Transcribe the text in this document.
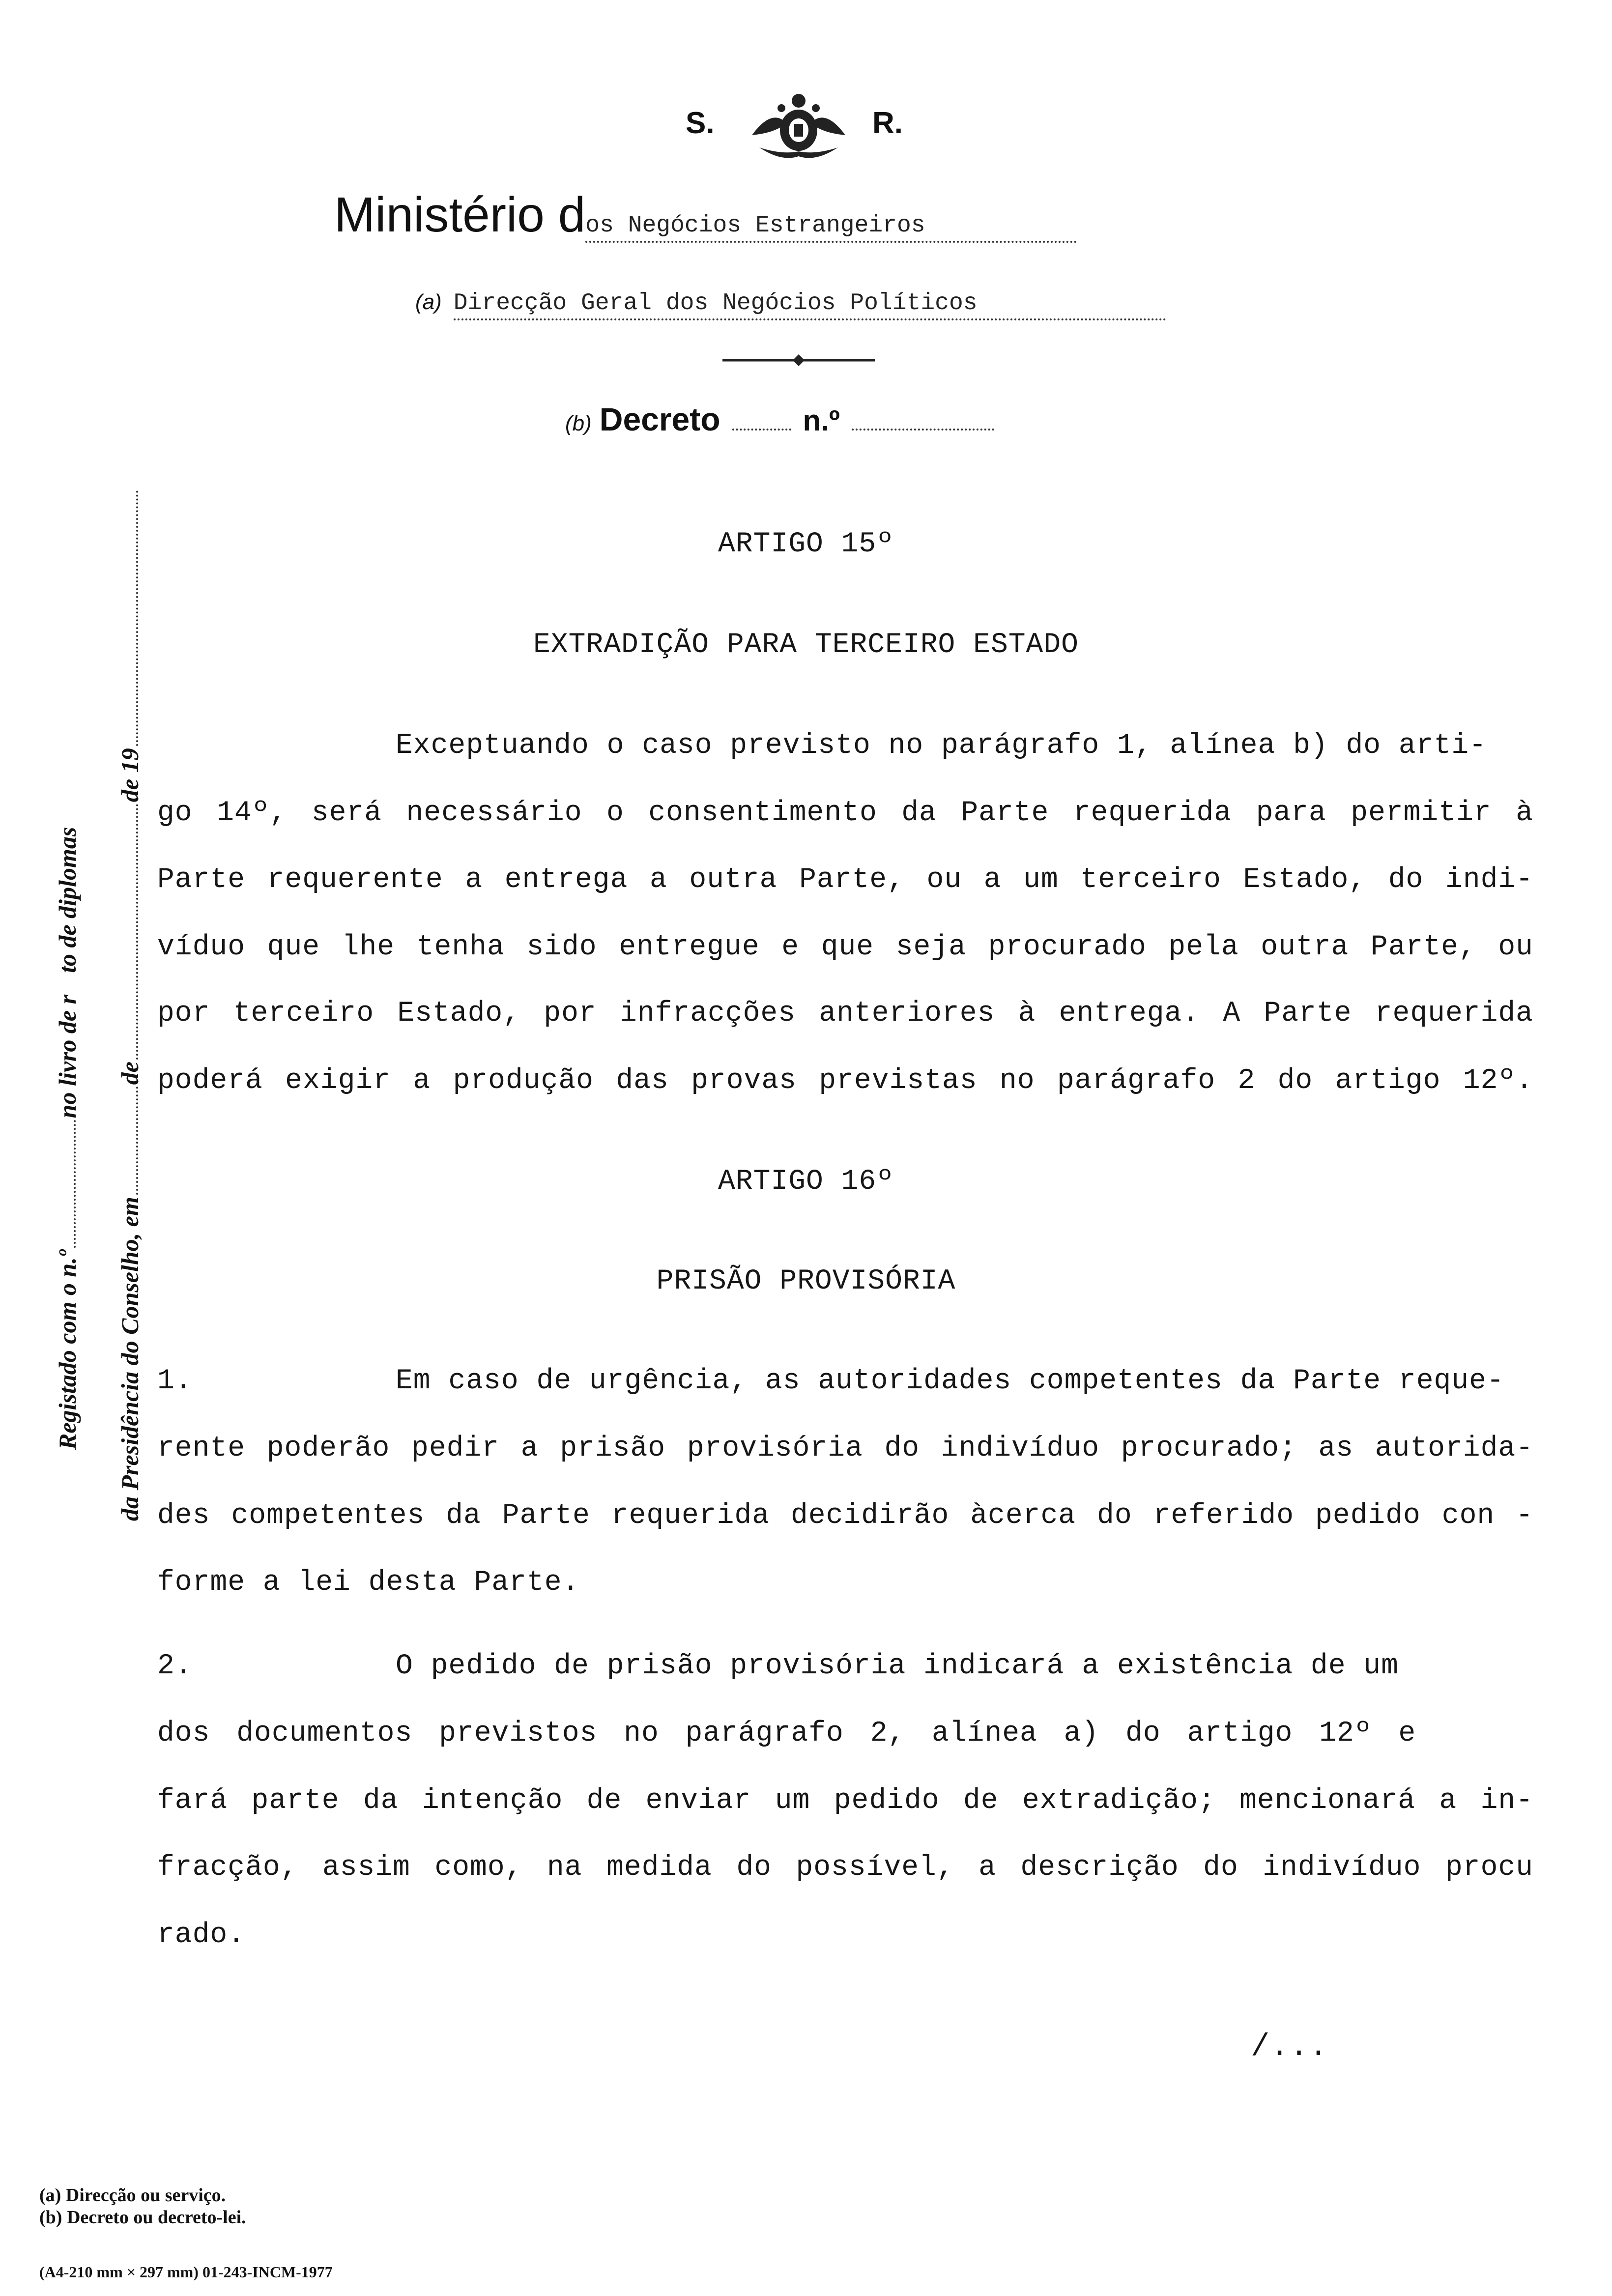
S.	R.
Ministério dos Negócios Estrangeiros
(a) Direcção Geral dos Negócios Políticos
(b) Decreto	n.º
ARTIGO 15º
EXTRADIÇÃO PARA TERCEIRO ESTADO
Exceptuando o caso previsto no parágrafo 1, alínea b) do arti-
go 14º, será necessário o consentimento da Parte requerida para permitir à
Parte requerente a entrega a outra Parte, ou a um terceiro Estado, do indi-
víduo que lhe tenha sido entregue e que seja procurado pela outra Parte, ou
por terceiro Estado, por infracções anteriores à entrega. A Parte requerida
poderá exigir a produção das provas previstas no parágrafo 2 do artigo 12º.
ARTIGO 16º
PRISÃO PROVISÓRIA
1.	Em caso de urgência, as autoridades competentes da Parte reque-
rente poderão pedir a prisão provisória do indivíduo procurado; as autorida-
des competentes da Parte requerida decidirão àcerca do referido pedido con -
forme a lei desta Parte.
2.	O pedido de prisão provisória indicará a existência de um
dos documentos previstos no parágrafo 2, alínea a) do artigo 12º e
fará parte da intenção de enviar um pedido de extradição; mencionará a in-
fracção, assim como, na medida do possível, a descrição do indivíduo procu
rado.
/...
Registado com o n.º  no livro de r to de diplomas
da Presidência do Conselho, em  de  de 19
(a) Direcção ou serviço.
(b) Decreto ou decreto-lei.
(A4-210 mm × 297 mm) 01-243-INCM-1977
